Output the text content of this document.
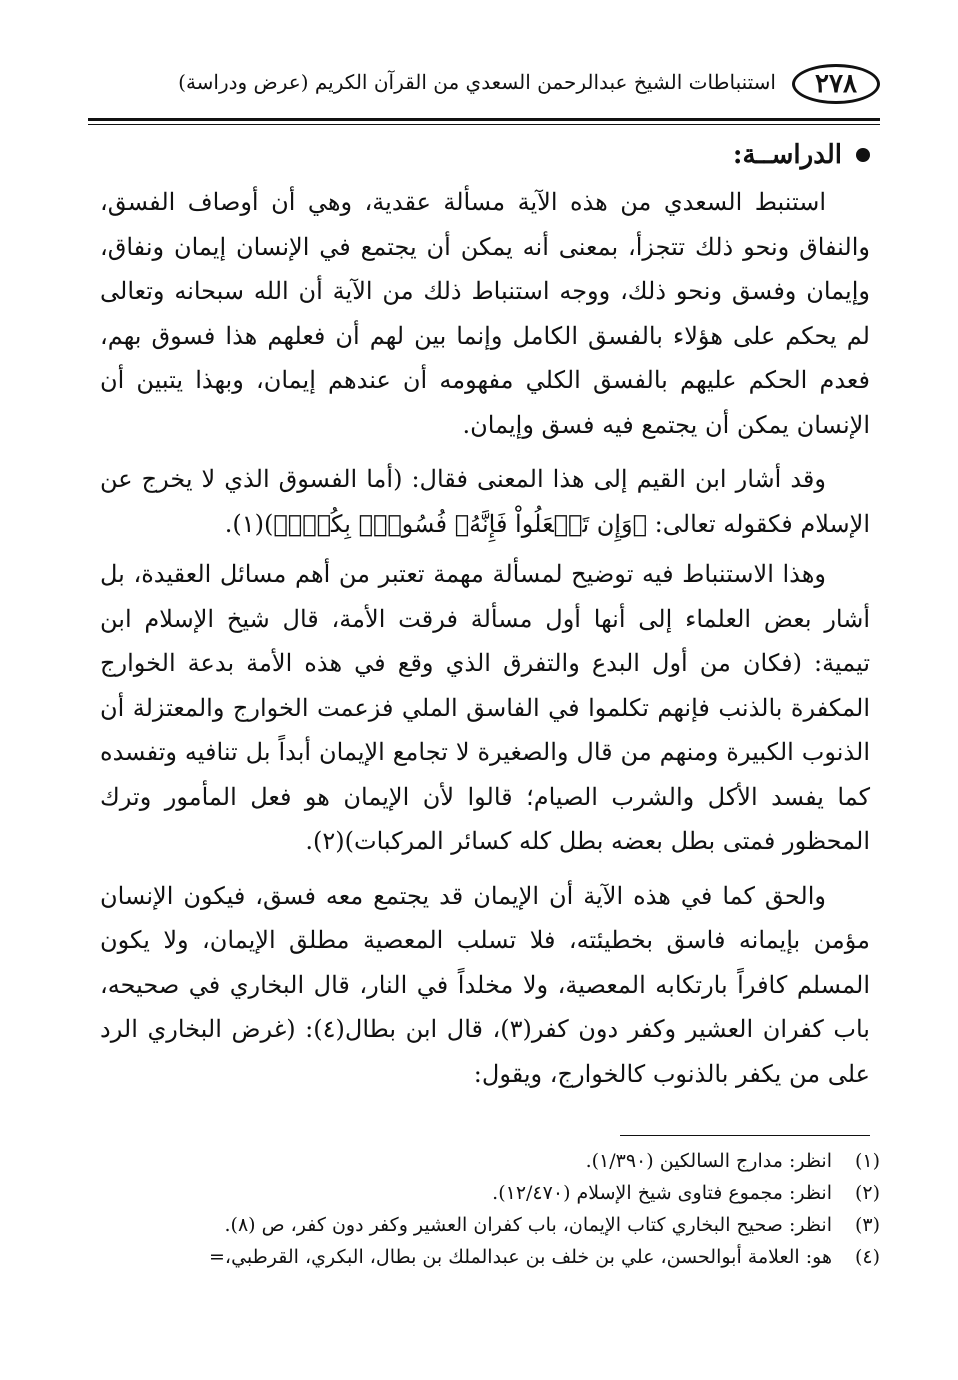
٢٧٨
استنباطات الشيخ عبدالرحمن السعدي من القرآن الكريم (عرض ودراسة)
الدراســة:

استنبط السعدي من هذه الآية مسألة عقدية، وهي أن أوصاف الفسق، والنفاق ونحو ذلك تتجزأ، بمعنى أنه يمكن أن يجتمع في الإنسان إيمان ونفاق، وإيمان وفسق ونحو ذلك، ووجه استنباط ذلك من الآية أن الله سبحانه وتعالى لم يحكم على هؤلاء بالفسق الكامل وإنما بين لهم أن فعلهم هذا فسوق بهم، فعدم الحكم عليهم بالفسق الكلي مفهومه أن عندهم إيمان، وبهذا يتبين أن الإنسان يمكن أن يجتمع فيه فسق وإيمان.

وقد أشار ابن القيم إلى هذا المعنى فقال: (أما الفسوق الذي لا يخرج عن الإسلام فكقوله تعالى: ﴿وَإِن تَفۡعَلُواْ فَإِنَّهُۥ فُسُوقُۢ بِكُمۡۗ﴾)(١).

وهذا الاستنباط فيه توضيح لمسألة مهمة تعتبر من أهم مسائل العقيدة، بل أشار بعض العلماء إلى أنها أول مسألة فرقت الأمة، قال شيخ الإسلام ابن تيمية: (فكان من أول البدع والتفرق الذي وقع في هذه الأمة بدعة الخوارج المكفرة بالذنب فإنهم تكلموا في الفاسق الملي فزعمت الخوارج والمعتزلة أن الذنوب الكبيرة ومنهم من قال والصغيرة لا تجامع الإيمان أبداً بل تنافيه وتفسده كما يفسد الأكل والشرب الصيام؛ قالوا لأن الإيمان هو فعل المأمور وترك المحظور فمتى بطل بعضه بطل كله كسائر المركبات)(٢).

والحق كما في هذه الآية أن الإيمان قد يجتمع معه فسق، فيكون الإنسان مؤمن بإيمانه فاسق بخطيئته، فلا تسلب المعصية مطلق الإيمان، ولا يكون المسلم كافراً بارتكابه المعصية، ولا مخلداً في النار، قال البخاري في صحيحه، باب كفران العشير وكفر دون كفر(٣)، قال ابن بطال(٤): (غرض البخاري الرد على من يكفر بالذنوب كالخوارج، ويقول:

(١)
انظر: مدارج السالكين (١/٣٩٠).
(٢)
انظر: مجموع فتاوى شيخ الإسلام (١٢/٤٧٠).
(٣)
انظر: صحيح البخاري كتاب الإيمان، باب كفران العشير وكفر دون كفر، ص (٨).
(٤)
هو: العلامة أبوالحسن، علي بن خلف بن عبدالملك بن بطال، البكري، القرطبي،=
